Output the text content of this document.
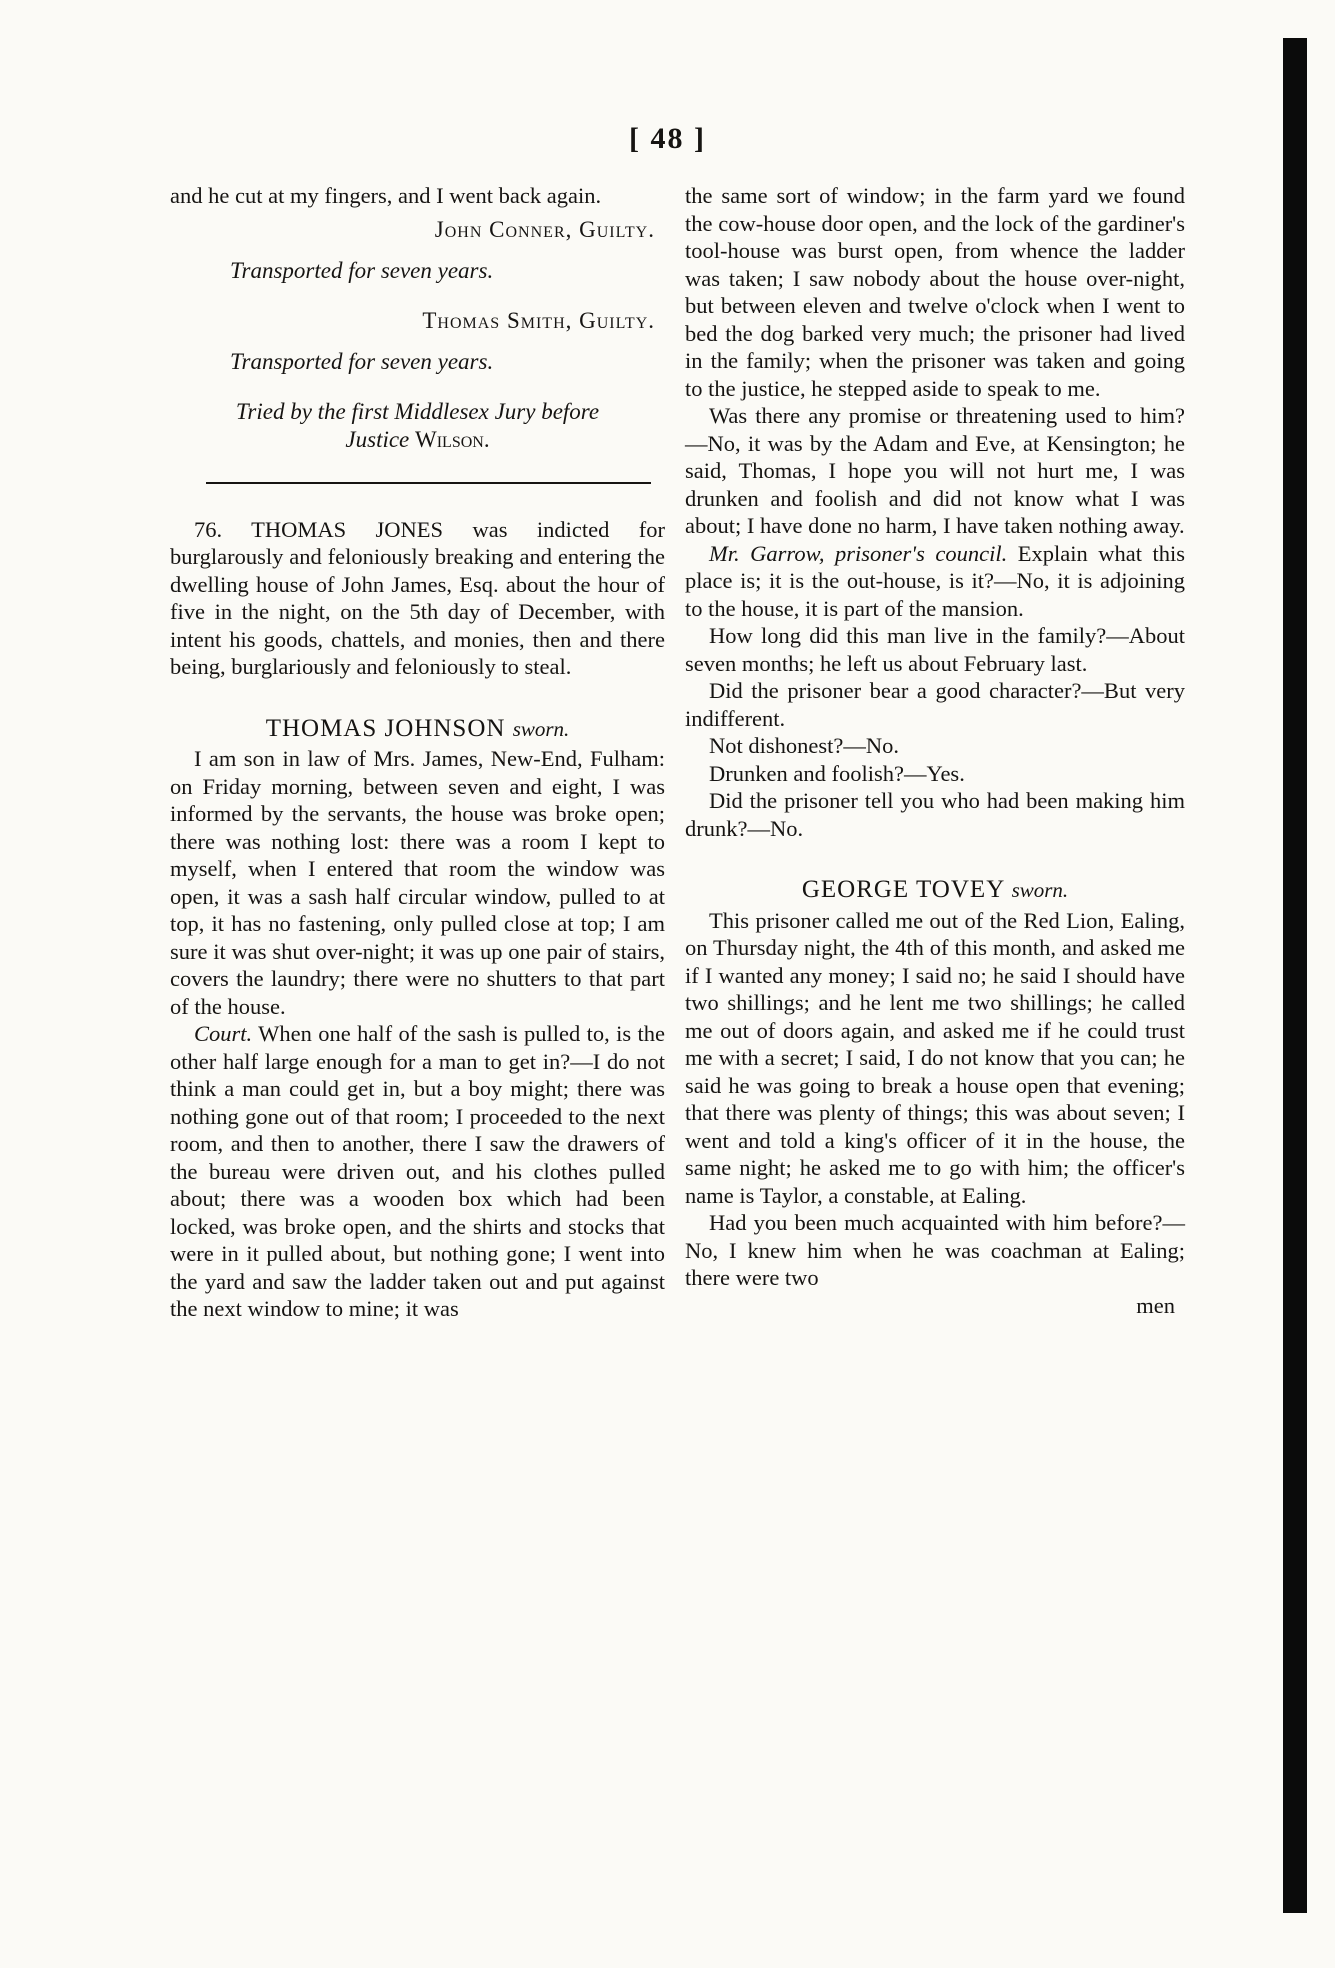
[ 48 ]

and he cut at my fingers, and I went back again.

John Conner, Guilty.

Transported for seven years.

Thomas Smith, Guilty.

Transported for seven years.

Tried by the first Middlesex Jury before
Justice Wilson.

76. THOMAS JONES was indicted for burglarously and feloniously breaking and entering the dwelling house of John James, Esq. about the hour of five in the night, on the 5th day of December, with intent his goods, chattels, and monies, then and there being, burglariously and feloniously to steal.

THOMAS JOHNSON sworn.

I am son in law of Mrs. James, New-End, Fulham: on Friday morning, between seven and eight, I was informed by the servants, the house was broke open; there was nothing lost: there was a room I kept to myself, when I entered that room the window was open, it was a sash half circular window, pulled to at top, it has no fastening, only pulled close at top; I am sure it was shut over-night; it was up one pair of stairs, covers the laundry; there were no shutters to that part of the house.

Court. When one half of the sash is pulled to, is the other half large enough for a man to get in?—I do not think a man could get in, but a boy might; there was nothing gone out of that room; I proceeded to the next room, and then to another, there I saw the drawers of the bureau were driven out, and his clothes pulled about; there was a wooden box which had been locked, was broke open, and the shirts and stocks that were in it pulled about, but nothing gone; I went into the yard and saw the ladder taken out and put against the next window to mine; it was

the same sort of window; in the farm yard we found the cow-house door open, and the lock of the gardiner's tool-house was burst open, from whence the ladder was taken; I saw nobody about the house over-night, but between eleven and twelve o'clock when I went to bed the dog barked very much; the prisoner had lived in the family; when the prisoner was taken and going to the justice, he stepped aside to speak to me.

Was there any promise or threatening used to him?—No, it was by the Adam and Eve, at Kensington; he said, Thomas, I hope you will not hurt me, I was drunken and foolish and did not know what I was about; I have done no harm, I have taken nothing away.

Mr. Garrow, prisoner's council. Explain what this place is; it is the out-house, is it?—No, it is adjoining to the house, it is part of the mansion.

How long did this man live in the family?—About seven months; he left us about February last.

Did the prisoner bear a good character?—But very indifferent.

Not dishonest?—No.

Drunken and foolish?—Yes.

Did the prisoner tell you who had been making him drunk?—No.

GEORGE TOVEY sworn.

This prisoner called me out of the Red Lion, Ealing, on Thursday night, the 4th of this month, and asked me if I wanted any money; I said no; he said I should have two shillings; and he lent me two shillings; he called me out of doors again, and asked me if he could trust me with a secret; I said, I do not know that you can; he said he was going to break a house open that evening; that there was plenty of things; this was about seven; I went and told a king's officer of it in the house, the same night; he asked me to go with him; the officer's name is Taylor, a constable, at Ealing.

Had you been much acquainted with him before?—No, I knew him when he was coachman at Ealing; there were two

men
